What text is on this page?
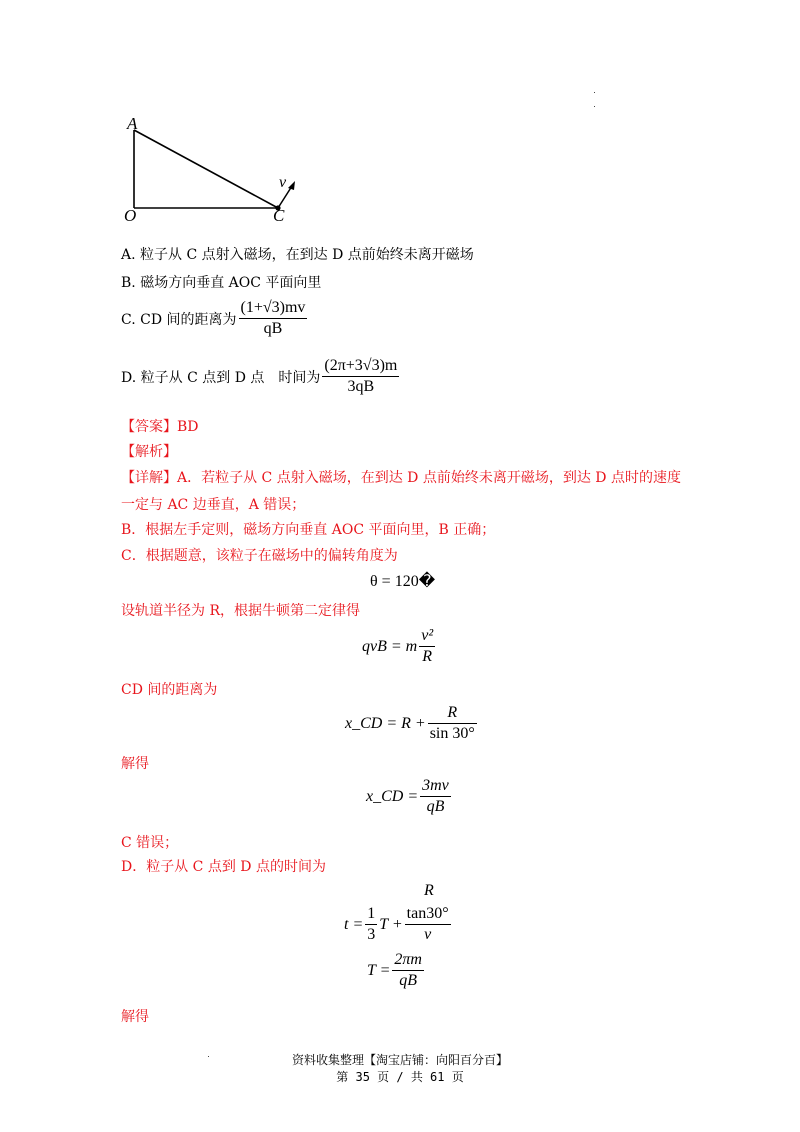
A
O	C
v
A. 粒子从 C 点射入磁场，在到达 D 点前始终未离开磁场
B. 磁场方向垂直 AOC 平面向里
C. CD 间的距离为 $\frac{(1+√3)mv}{qB}$
D. 粒子从 C 点到 D 点　时间为 $\frac{(2\pi+3√3)m}{3qB}$
【答案】BD
【解析】
【详解】A．若粒子从 C 点射入磁场，在到达 D 点前始终未离开磁场，到达 D 点时的速度
一定与 AC 边垂直，A 错误；
B．根据左手定则，磁场方向垂直 AOC 平面向里，B 正确；
C．根据题意，该粒子在磁场中的偏转角度为
θ = 120�
设轨道半径为 R，根据牛顿第二定律得
qvB = m $\frac{\text{v²}}{R}$
CD 间的距离为
x_CD = $R + \frac{R}{\sin 30^\circ}$
解得
x_CD = $\frac{3mv}{qB}$
C 错误；
D．粒子从 C 点到 D 点的时间为
R
$t = \frac{1}{3}$ $T + \frac{\tan 30^\circ}{v}$
$T = \frac{2\pi m}{qB}$
解得
资料收集整理【淘宝店铺：向阳百分百】
第 35 页 / 共 61 页
